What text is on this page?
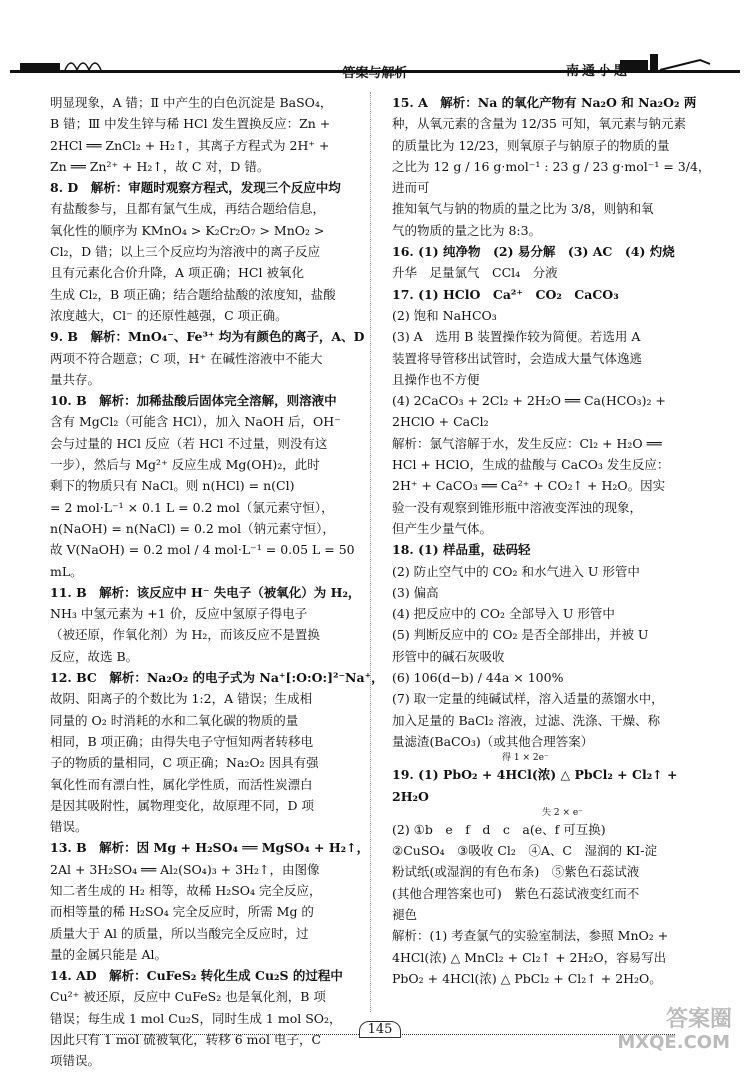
答案与解析	南通小题
明显现象，A 错；Ⅱ 中产生的白色沉淀是 BaSO₄，
B 错；Ⅲ 中发生锌与稀 HCl 发生置换反应：Zn +
2HCl ══ ZnCl₂ + H₂↑，其离子方程式为 2H⁺ +
Zn ══ Zn²⁺ + H₂↑，故 C 对，D 错。
8. D　解析：审题时观察方程式，发现三个反应中均
有盐酸参与，且都有氯气生成，再结合题给信息，
氧化性的顺序为 KMnO₄ > K₂Cr₂O₇ > MnO₂ >
Cl₂，D 错；以上三个反应均为溶液中的离子反应
且有元素化合价升降，A 项正确；HCl 被氧化
生成 Cl₂，B 项正确；结合题给盐酸的浓度知，盐酸
浓度越大，Cl⁻ 的还原性越强，C 项正确。
9. B　解析：MnO₄⁻、Fe³⁺ 均为有颜色的离子，A、D
两项不符合题意；C 项，H⁺ 在碱性溶液中不能大
量共存。
10. B　解析：加稀盐酸后固体完全溶解，则溶液中
含有 MgCl₂（可能含 HCl），加入 NaOH 后，OH⁻
会与过量的 HCl 反应（若 HCl 不过量，则没有这
一步），然后与 Mg²⁺ 反应生成 Mg(OH)₂，此时
剩下的物质只有 NaCl。则 n(HCl) = n(Cl)
= 2 mol·L⁻¹ × 0.1 L = 0.2 mol（氯元素守恒），
n(NaOH) = n(NaCl) = 0.2 mol（钠元素守恒），
故 V(NaOH) = 0.2 mol / 4 mol·L⁻¹ = 0.05 L = 50 mL。
11. B　解析：该反应中 H⁻ 失电子（被氧化）为 H₂，
NH₃ 中氢元素为 +1 价，反应中氢原子得电子
（被还原，作氧化剂）为 H₂，而该反应不是置换
反应，故选 B。
12. BC　解析：Na₂O₂ 的电子式为 Na⁺[:O:O:]²⁻Na⁺，
故阴、阳离子的个数比为 1:2，A 错误；生成相
同量的 O₂ 时消耗的水和二氧化碳的物质的量
相同，B 项正确；由得失电子守恒知两者转移电
子的物质的量相同，C 项正确；Na₂O₂ 因具有强
氧化性而有漂白性，属化学性质，而活性炭漂白
是因其吸附性，属物理变化，故原理不同，D 项
错误。
13. B　解析：因 Mg + H₂SO₄ ══ MgSO₄ + H₂↑，
2Al + 3H₂SO₄ ══ Al₂(SO₄)₃ + 3H₂↑，由图像
知二者生成的 H₂ 相等，故稀 H₂SO₄ 完全反应，
而相等量的稀 H₂SO₄ 完全反应时，所需 Mg 的
质量大于 Al 的质量，所以当酸完全反应时，过
量的金属只能是 Al。
14. AD　解析：CuFeS₂ 转化生成 Cu₂S 的过程中
Cu²⁺ 被还原，反应中 CuFeS₂ 也是氧化剂，B 项
错误；每生成 1 mol Cu₂S，同时生成 1 mol SO₂，
因此只有 1 mol 硫被氧化，转移 6 mol 电子，C
项错误。
15. A　解析：Na 的氧化产物有 Na₂O 和 Na₂O₂ 两
种，从氧元素的含量为 12/35 可知，氧元素与钠元素
的质量比为 12/23，则氧原子与钠原子的物质的量
之比为 12 g / 16 g·mol⁻¹ : 23 g / 23 g·mol⁻¹ = 3/4，进而可
推知氧气与钠的物质的量之比为 3/8，则钠和氧
气的物质的量之比为 8:3。
16. (1) 纯净物　(2) 易分解　(3) AC　(4) 灼烧
升华　足量氯气　CCl₄　分液
17. (1) HClO　Ca²⁺　CO₂　CaCO₃
(2) 饱和 NaHCO₃
(3) A　选用 B 装置操作较为简便。若选用 A
装置将导管移出试管时，会造成大量气体逸逃
且操作也不方便
(4) 2CaCO₃ + 2Cl₂ + 2H₂O ══ Ca(HCO₃)₂ +
2HClO + CaCl₂
解析：氯气溶解于水，发生反应：Cl₂ + H₂O ══
HCl + HClO，生成的盐酸与 CaCO₃ 发生反应：
2H⁺ + CaCO₃ ══ Ca²⁺ + CO₂↑ + H₂O。因实
验一没有观察到锥形瓶中溶液变浑浊的现象，
但产生少量气体。
18. (1) 样品重，砝码轻
(2) 防止空气中的 CO₂ 和水气进入 U 形管中
(3) 偏高
(4) 把反应中的 CO₂ 全部导入 U 形管中
(5) 判断反应中的 CO₂ 是否全部排出，并被 U
形管中的碱石灰吸收
(6) 106(d−b) / 44a × 100%
(7) 取一定量的纯碱试样，溶入适量的蒸馏水中，
加入足量的 BaCl₂ 溶液，过滤、洗涤、干燥、称
量滤渣(BaCO₃)（或其他合理答案）
得 1 × 2e⁻
19. (1) PbO₂ + 4HCl(浓) △ PbCl₂ + Cl₂↑ + 2H₂O
失 2 × e⁻
(2) ①b　e　f　d　c　a(e、f 可互换)
②CuSO₄　③吸收 Cl₂　④A、C　湿润的 KI-淀
粉试纸(或湿润的有色布条)　⑤紫色石蕊试液
(其他合理答案也可)　紫色石蕊试液变红而不
褪色
解析：(1) 考查氯气的实验室制法，参照 MnO₂ +
4HCl(浓) △ MnCl₂ + Cl₂↑ + 2H₂O，容易写出
PbO₂ + 4HCl(浓) △ PbCl₂ + Cl₂↑ + 2H₂O。
145	答案圈
MXQE.COM
